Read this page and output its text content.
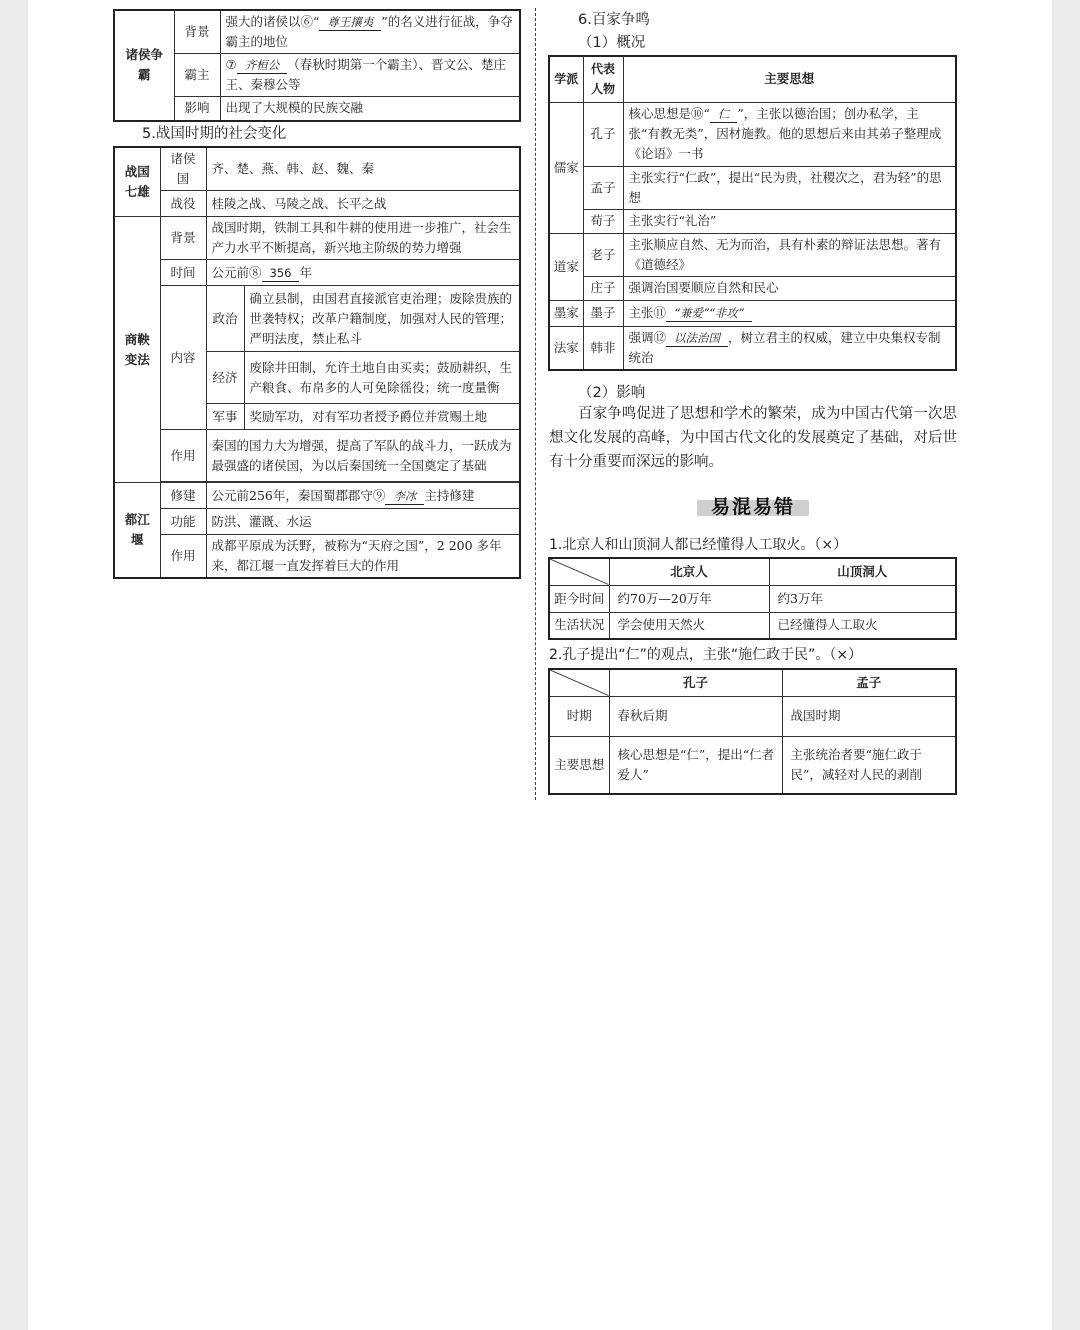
诸侯争霸	背景	强大的诸侯以⑥“ 尊王攘夷 ”的名义进行征战，争夺霸主的地位
	霸主	⑦ 齐桓公 （春秋时期第一个霸主）、晋文公、楚庄王、秦穆公等
	影响	出现了大规模的民族交融
5.战国时期的社会变化
战国七雄	诸侯国	齐、楚、燕、韩、赵、魏、秦	
	战役	桂陵之战、马陵之战、长平之战	
商鞅变法	背景	战国时期，铁制工具和牛耕的使用进一步推广，社会生产力水平不断提高，新兴地主阶级的势力增强	
	时间	公元前⑧ 356 年	
	内容	政治	确立县制，由国君直接派官吏治理；废除贵族的世袭特权；改革户籍制度，加强对人民的管理；严明法度，禁止私斗
		经济	废除井田制，允许土地自由买卖；鼓励耕织，生产粮食、布帛多的人可免除徭役；统一度量衡
		军事	奖励军功，对有军功者授予爵位并赏赐土地
	作用	秦国的国力大为增强，提高了军队的战斗力，一跃成为最强盛的诸侯国，为以后秦国统一全国奠定了基础	

都江堰	修建	公元前256年，秦国蜀郡郡守⑨ 李冰 主持修建	
	功能	防洪、灌溉、水运	
	作用	成都平原成为沃野，被称为“天府之国”，2 200 多年来，都江堰一直发挥着巨大的作用	
6.百家争鸣
（1）概况
学派	代表人物	主要思想
儒家	孔子	核心思想是⑩“ 仁 ”，主张以德治国；创办私学，主张“有教无类”，因材施教。他的思想后来由其弟子整理成《论语》一书
	孟子	主张实行“仁政”，提出“民为贵，社稷次之，君为轻”的思想
	荀子	主张实行“礼治”
道家	老子	主张顺应自然、无为而治，具有朴素的辩证法思想。著有《道德经》
	庄子	强调治国要顺应自然和民心
墨家	墨子	主张⑪ “兼爱”“非攻”
法家	韩非	强调⑫ 以法治国 ，树立君主的权威，建立中央集权专制统治
（2）影响
百家争鸣促进了思想和学术的繁荣，成为中国古代第一次思想文化发展的高峰，为中国古代文化的发展奠定了基础，对后世有十分重要而深远的影响。
易混易错
1.北京人和山顶洞人都已经懂得人工取火。（×）
	北京人	山顶洞人
距今时间	约70万—20万年	约3万年
生活状况	学会使用天然火	已经懂得人工取火
2.孔子提出“仁”的观点，主张“施仁政于民”。（×）
	孔子	孟子
时期	春秋后期	战国时期
主要思想	核心思想是“仁”，提出“仁者爱人”	主张统治者要“施仁政于民”，减轻对人民的剥削
